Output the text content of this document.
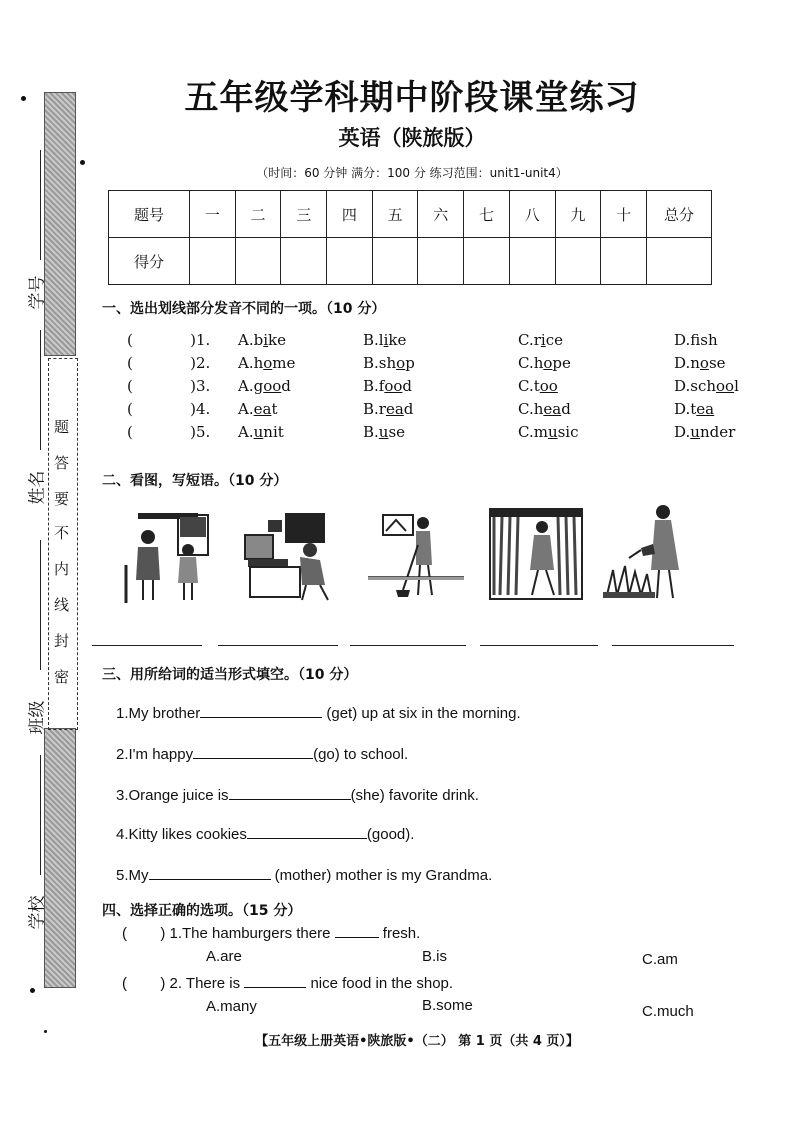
题
答
要
不
内
线
封
密
学号
姓名
班级
学校
五年级学科期中阶段课堂练习
英语（陕旅版）
（时间：60 分钟 满分：100 分 练习范围：unit1-unit4）
题号	一	二	三	四	五	六	七	八	九	十	总分
得分											
一、选出划线部分发音不同的一项。（10 分）
(            ) 1. A.bike	B.like	C.rice	D.fsh
(            ) 2. A.home	B.shop	C.hope	D.nose
(            ) 3. A.good	B.food	C.too	D.school
(            ) 4. A.eat	B.read	C.head	D.tea
(            ) 5. A.unit	B.use	C.music	D.under
二、看图，写短语。（10 分）
三、用所给词的适当形式填空。（10 分）
1.My brother	(get) up at six in the morning.
2.I'm happy	(go) to school.
3.Orange juice is	(she) favorite drink.
4.Kitty likes cookies	(good).
5.My	(mother) mother is my Grandma.
四、选择正确的选项。（15 分）
(        ) 1.The hamburgers there	fresh.
A.are	B.is	C.am
(        ) 2. There is	nice food in the shop.
A.many	B.some	C.much
【五年级上册英语•陕旅版•（二） 第 1 页（共 4 页）】
